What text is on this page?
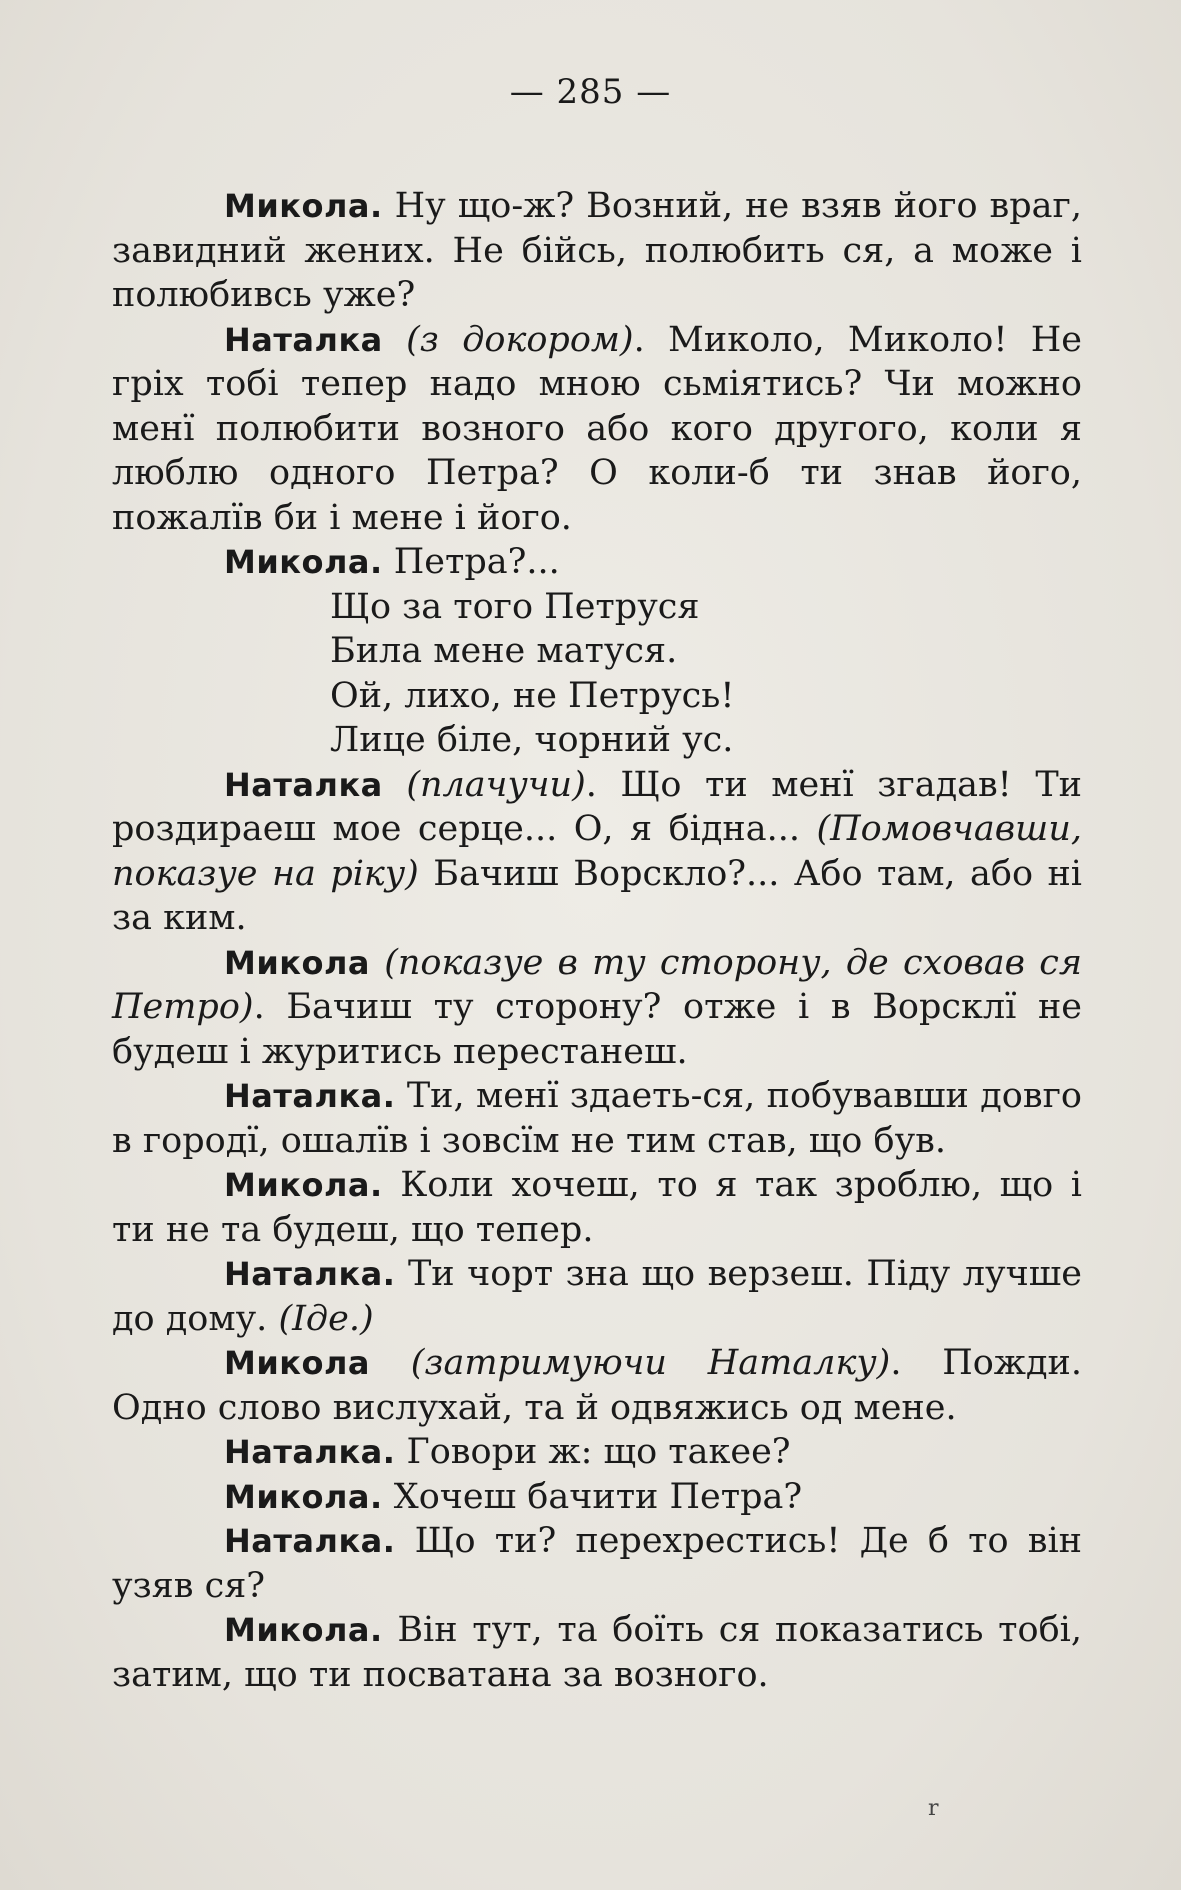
— 285 —

Микола. Ну що-ж? Возний, не взяв його враг, завидний жених. Не бійсь, полюбить ся, а може і полюбивсь уже?

Наталка (з докором). Миколо, Миколо! Не гріх тобі тепер надо мною сьміятись? Чи можно менї полюбити возного або кого другого, коли я люблю одного Петра? О коли-б ти знав його, пожалїв би і мене і його.

Микола. Петра?...

Що за того Петруся
Била мене матуся.
Ой, лихо, не Петрусь!
Лице біле, чорний ус.

Наталка (плачучи). Що ти менї згадав! Ти роздираеш мое серце... О, я бідна... (Помовчавши, показуе на ріку) Бачиш Ворскло?... Або там, або ні за ким.

Микола (показуе в ту сторону, де сховав ся Петро). Бачиш ту сторону? отже і в Ворсклї не будеш і журитись перестанеш.

Наталка. Ти, менї здаеть-ся, побувавши довго в городї, ошалїв і зовсїм не тим став, що був.

Микола. Коли хочеш, то я так зроблю, що і ти не та будеш, що тепер.

Наталка. Ти чорт зна що верзеш. Піду лучше до дому. (Іде.)

Микола (затримуючи Наталку). Пожди. Одно слово вислухай, та й одвяжись од мене.

Наталка. Говори ж: що такее?

Микола. Хочеш бачити Петра?

Наталка. Що ти? перехрестись! Де б то він узяв ся?

Микола. Він тут, та боїть ся показатись тобі, затим, що ти посватана за возного.

r
